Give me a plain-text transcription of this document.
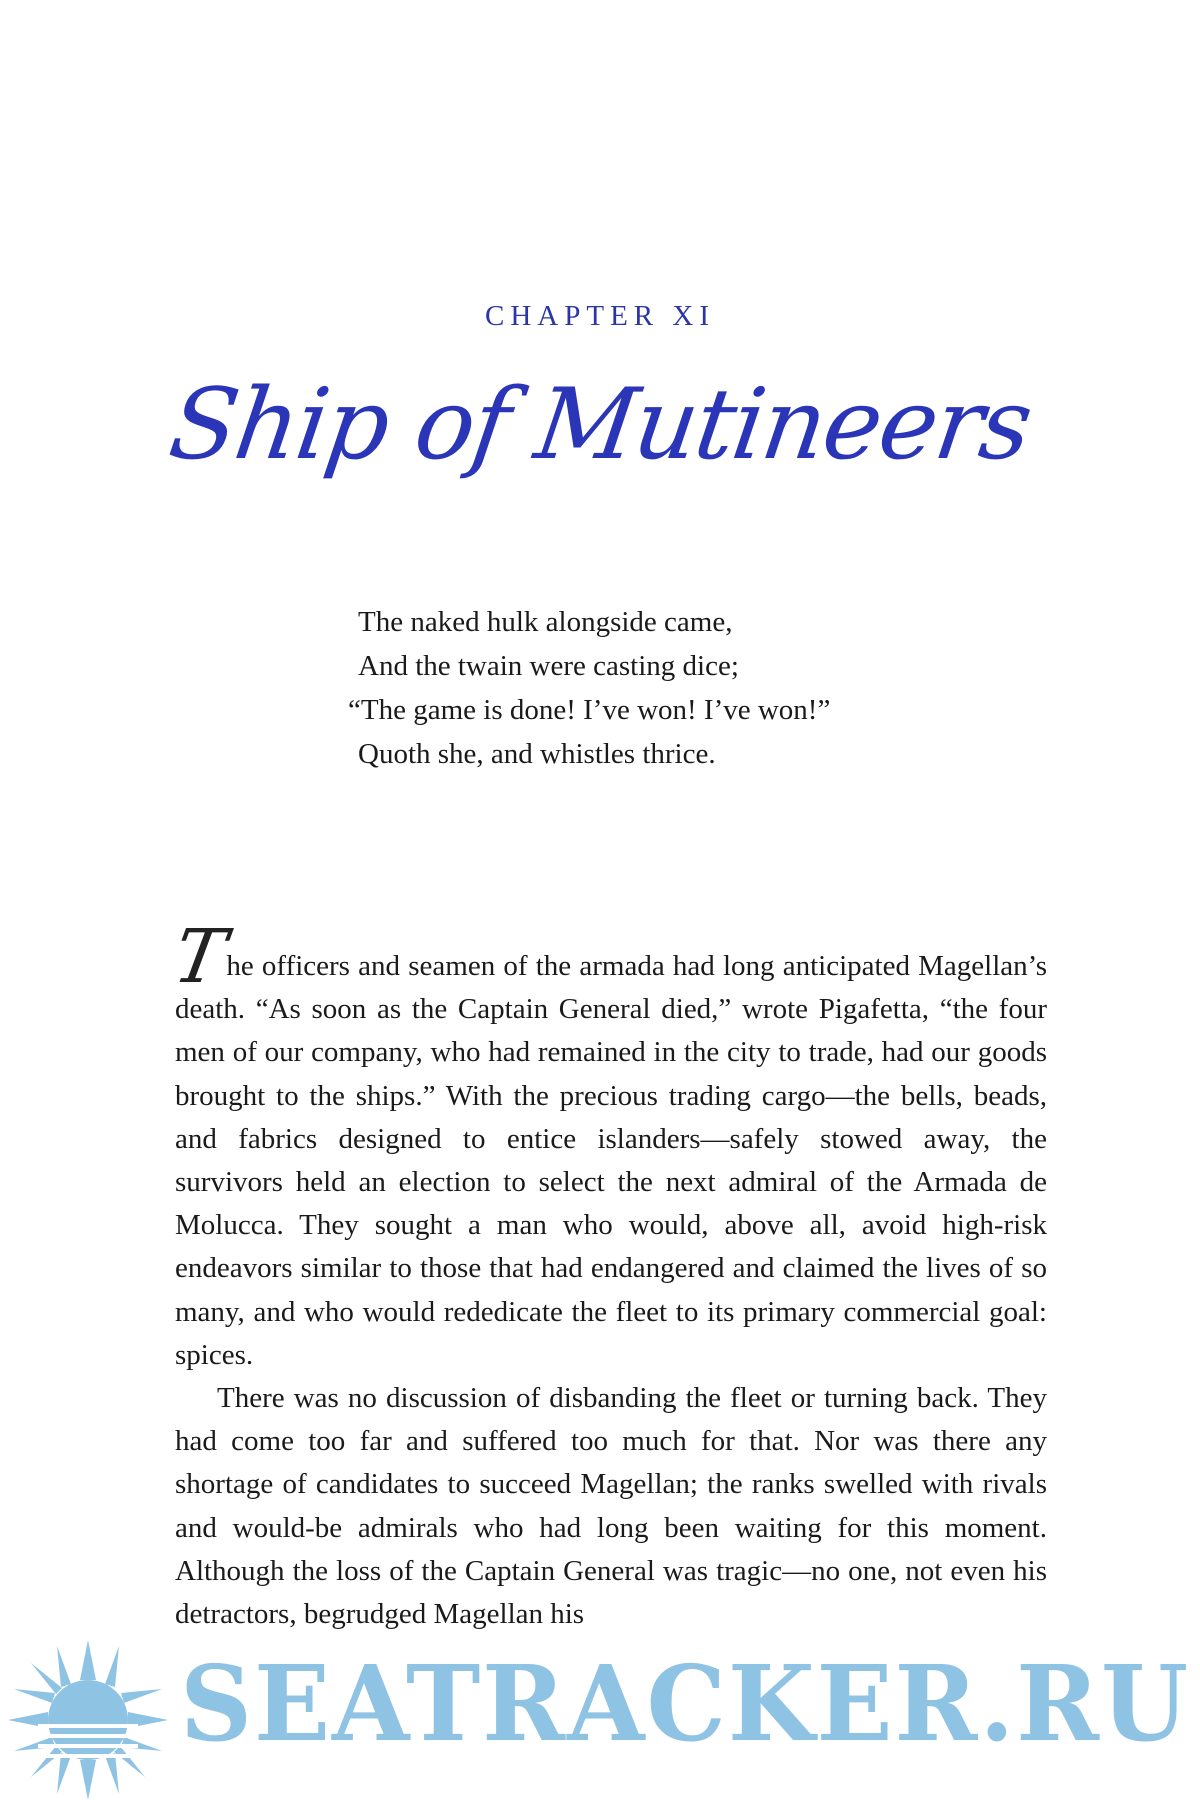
CHAPTER XI
Ship of Mutineers
The naked hulk alongside came,
And the twain were casting dice;
“The game is done! I’ve won! I’ve won!”
Quoth she, and whistles thrice.

T
he officers and seamen of the armada had long anticipated Magellan’s death. “As soon as the Captain General died,” wrote Pigafetta, “the four men of our company, who had remained in the city to trade, had our goods brought to the ships.” With the precious trading cargo—the bells, beads, and fabrics designed to entice islanders—safely stowed away, the survivors held an election to select the next admiral of the Armada de Molucca. They sought a man who would, above all, avoid high-risk endeavors similar to those that had endangered and claimed the lives of so many, and who would rededicate the fleet to its primary commercial goal: spices.

There was no discussion of disbanding the fleet or turning back. They had come too far and suffered too much for that. Nor was there any shortage of candidates to succeed Magellan; the ranks swelled with rivals and would-be admirals who had long been waiting for this moment. Although the loss of the Captain General was tragic—no one, not even his detractors, begrudged Magellan his

SEATRACKER.RU
